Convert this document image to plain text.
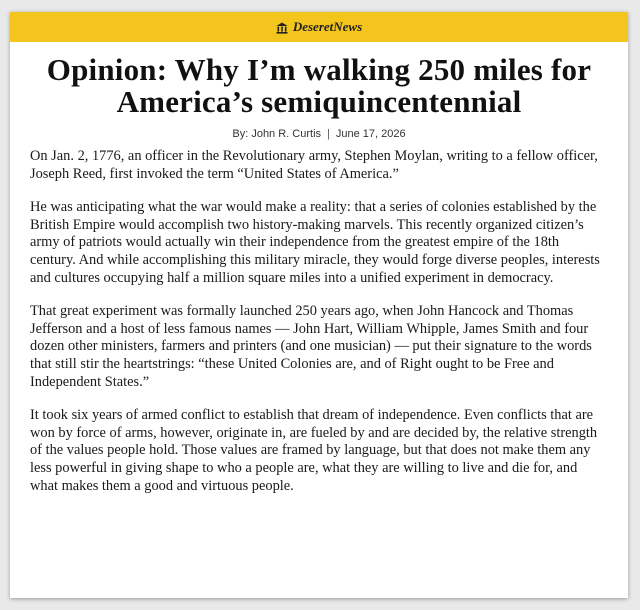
DeseretNews
Opinion: Why I’m walking 250 miles for America’s semiquincentennial
By: John R. Curtis | June 17, 2026

On Jan. 2, 1776, an officer in the Revolutionary army, Stephen Moylan, writing to a fellow officer, Joseph Reed, first invoked the term “United States of America.”

He was anticipating what the war would make a reality: that a series of colonies established by the British Empire would accomplish two history-making marvels. This recently organized citizen’s army of patriots would actually win their independence from the greatest empire of the 18th century. And while accomplishing this military miracle, they would forge diverse peoples, interests and cultures occupying half a million square miles into a unified experiment in democracy.

That great experiment was formally launched 250 years ago, when John Hancock and Thomas Jefferson and a host of less famous names — John Hart, William Whipple, James Smith and four dozen other ministers, farmers and printers (and one musician) — put their signature to the words that still stir the heartstrings: “these United Colonies are, and of Right ought to be Free and Independent States.”

It took six years of armed conflict to establish that dream of independence. Even conflicts that are won by force of arms, however, originate in, are fueled by and are decided by, the relative strength of the values people hold. Those values are framed by language, but that does not make them any less powerful in giving shape to who a people are, what they are willing to live and die for, and what makes them a good and virtuous people.
